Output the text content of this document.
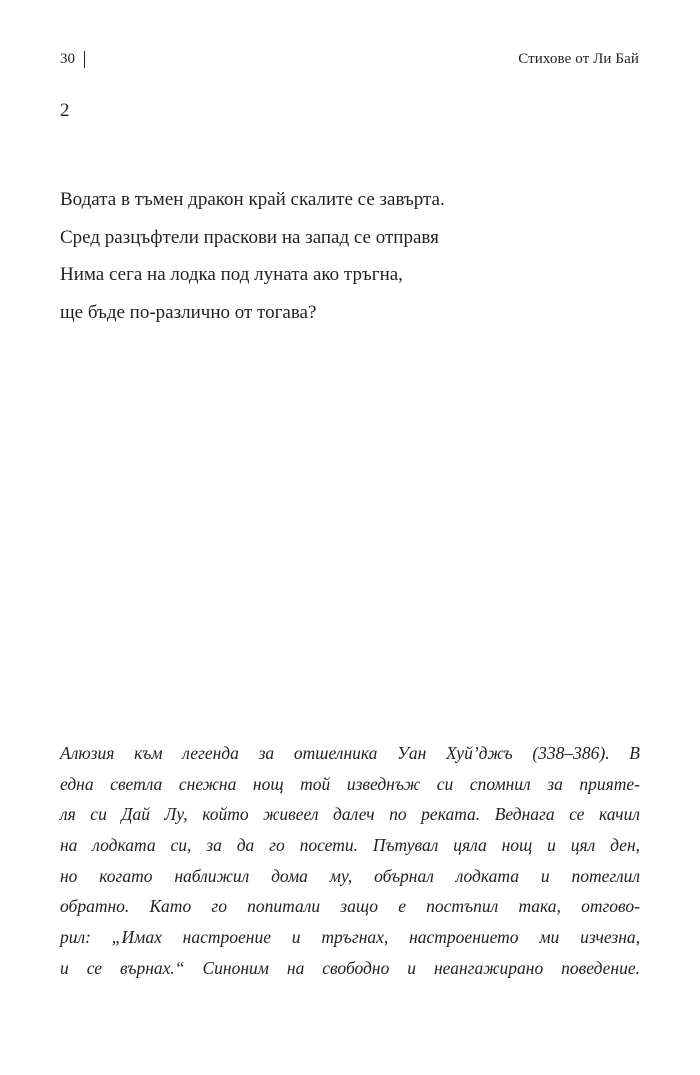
30	Стихове от Ли Бай
2
Водата в тъмен дракон край скалите се завърта.
Сред разцъфтели праскови на запад се отправя
Нима сега на лодка под луната ако тръгна,
ще бъде по-различно от тогава?
Алюзия към легенда за отшелника Уан Хуй’джъ (338–386). В
една светла снежна нощ той изведнъж си спомнил за прияте-
ля си Дай Лу, който живеел далеч по реката. Веднага се качил
на лодката си, за да го посети. Пътувал цяла нощ и цял ден,
но когато наближил дома му, обърнал лодката и потеглил
обратно. Като го попитали защо е постъпил така, отгово-
рил: „Имах настроение и тръгнах, настроението ми изчезна,
и се върнах.“ Синоним на свободно и неангажирано поведение.
